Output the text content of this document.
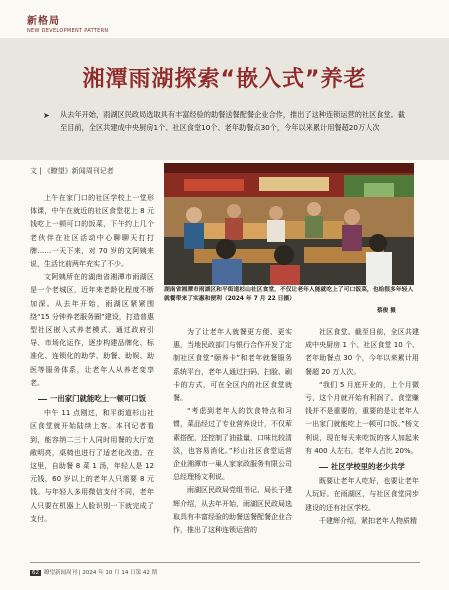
新格局
NEW DEVELOPMENT PATTERN
湘潭雨湖探索“嵌入式”养老
➤ 从去年开始，雨湖区民政局选取具有丰富经验的助餐送餐配餐企业合作，推出了这种连锁运营的社区食堂。截至目前，全区共建成中央厨房1个、社区食堂10个、老年助餐点30个，今年以来累计用餐超20万人次
文 | 《瞭望》新闻周刊记者
湖南省湘潭市雨湖区和平街道杉山社区食堂，不仅让老年人能就吃上了可口饭菜，也给很多年轻人就餐带来了实惠和便利（2024 年 7 月 22 日摄）
蔡俊 摄

上午在家门口的社区学校上一堂形体课，中午在就近的社区食堂花上 8 元钱吃上一顿可口的饭菜，下午约上几个老伙伴在社区活动中心聊聊天打打牌……一天下来，对 70 岁的文阿姨来说，生活比前两年充实了不少。

文阿姨所在的湖南省湘潭市雨湖区是一个老城区，近年来老龄化程度不断加深。从去年开始，雨湖区紧紧围绕“15 分钟养老服务圈”建设，打造普惠型社区嵌入式养老模式，通过政府引导、市场化运作，逐步构建品牌化、标准化、连锁化的助学、助餐、助娱、助医等服务体系，让老年人从养老变享老。

一出家门就能吃上一顿可口饭

中午 11 点刚过，和平街道杉山社区食堂就开始陆续上客。本刊记者看到，能容纳二三十人同时用餐的大厅宽敞明亮，桌椅也进行了适老化改造。在这里，自助餐 8 菜 1 汤，年轻人是 12 元钱，60 岁以上的老年人只需要 8 元钱。与年轻人多用微信支付不同，老年人只要在机器上人脸识别一下就完成了支付。

为了让老年人就餐更方便、更实惠，当地民政部门与银行合作开发了定制社区食堂“颐养卡”和老年就餐服务系统平台，老年人通过扫码、扫脸、刷卡的方式，可在全区内的社区食堂就餐。

“考虑到老年人的饮食特点和习惯，菜品经过了专业营养设计，不仅荤素搭配，还控制了油盐量，口味比较清淡，也容易消化。”杉山社区食堂运营企业湘潭市一巢人家家政服务有限公司总经理杨文利说。

雨湖区民政局党组书记、局长于建辉介绍，从去年开始，雨湖区民政局选取具有丰富经验的助餐送餐配餐企业合作，推出了这种连锁运营的

社区食堂。截至目前，全区共建成中央厨房 1 个、社区食堂 10 个、老年助餐点 30 个，今年以来累计用餐超 20 万人次。

“我们 5 月底开业的，上个月微亏，这个月就开始有利润了。食堂赚钱并不是重要的，重要的是让老年人一出家门就能吃上一顿可口饭。”杨文利说，现在每天来吃饭的客人加起来有 400 人左右，老年人占比 20%。

社区学校里的老少共学

既要让老年人吃好，也要让老年人玩好。在雨湖区，与社区食堂同步建设的还有社区学校。

千建辉介绍，紧扣老年人物质精

62 瞭望新闻周刊 | 2024 年 10 月 14 日第 42 期
